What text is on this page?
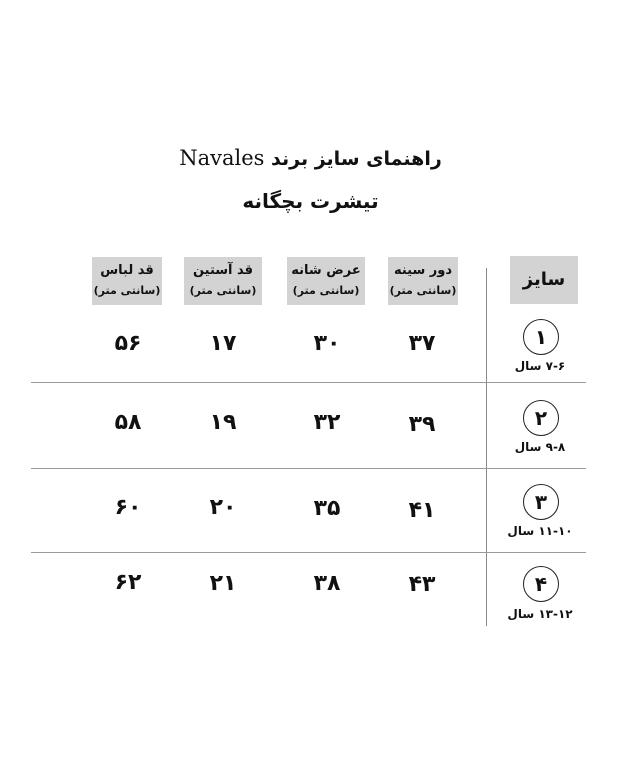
راهنمای سایز برند Navales
تیشرت بچگانه
سایز
دور سینه
(سانتی متر)
عرض شانه
(سانتی متر)
قد آستین
(سانتی متر)
قد لباس
(سانتی متر)
۱
۷-۶ سال
۳۷
۳۰
۱۷
۵۶
۲
۹-۸ سال
۳۹
۳۲
۱۹
۵۸
۳
۱۱-۱۰ سال
۴۱
۳۵
۲۰
۶۰
۴
۱۳-۱۲ سال
۴۳
۳۸
۲۱
۶۲
